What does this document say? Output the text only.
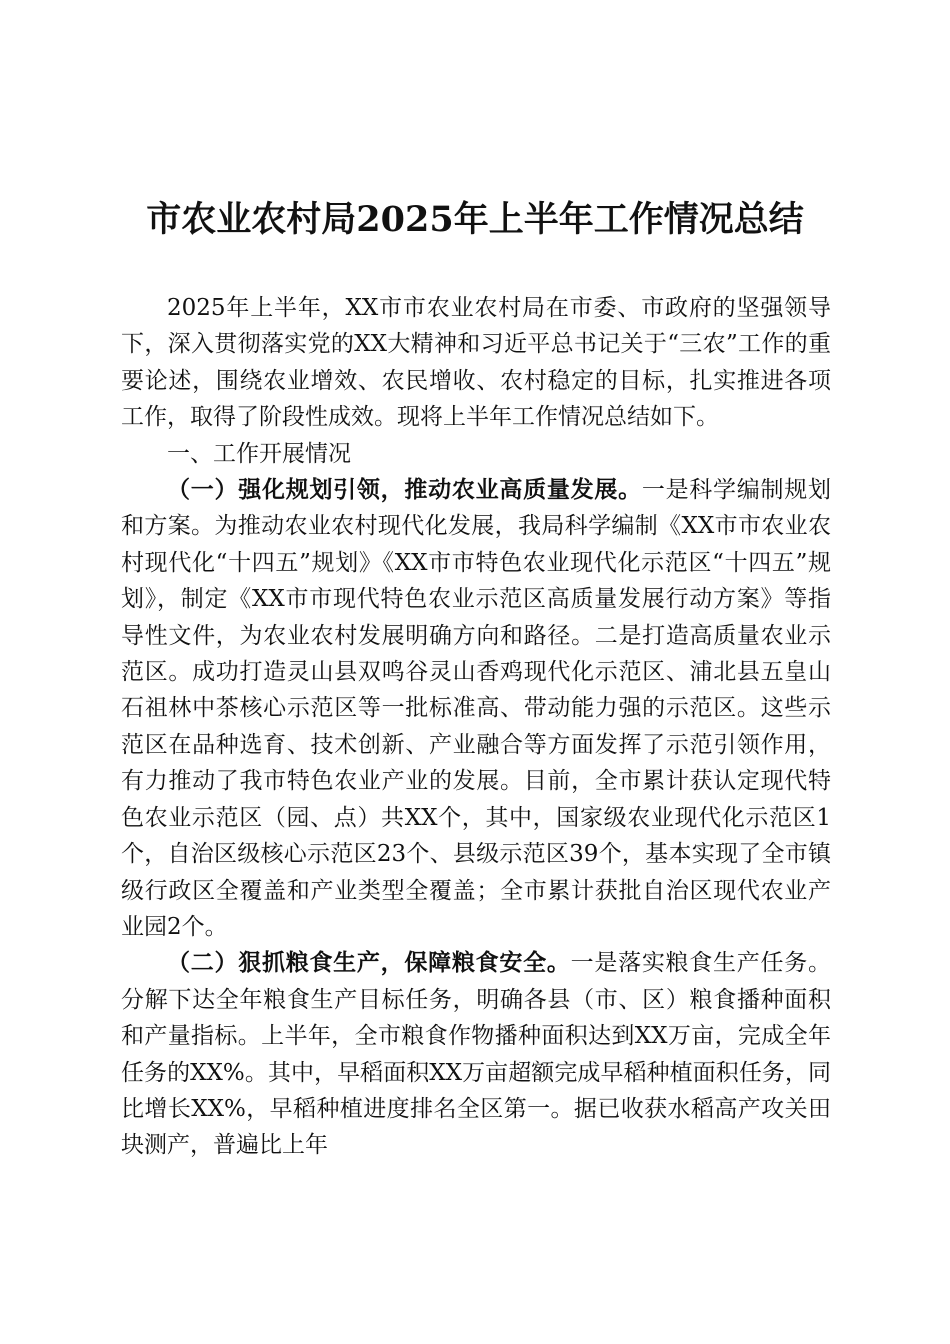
市农业农村局2025年上半年工作情况总结

2025年上半年，XX市市农业农村局在市委、市政府的坚强领导下，深入贯彻落实党的XX大精神和习近平总书记关于“三农”工作的重要论述，围绕农业增效、农民增收、农村稳定的目标，扎实推进各项工作，取得了阶段性成效。现将上半年工作情况总结如下。

一、工作开展情况

（一）强化规划引领，推动农业高质量发展。一是科学编制规划和方案。为推动农业农村现代化发展，我局科学编制《XX市市农业农村现代化“十四五”规划》《XX市市特色农业现代化示范区“十四五”规划》，制定《XX市市现代特色农业示范区高质量发展行动方案》等指导性文件，为农业农村发展明确方向和路径。二是打造高质量农业示范区。成功打造灵山县双鸣谷灵山香鸡现代化示范区、浦北县五皇山石祖林中茶核心示范区等一批标准高、带动能力强的示范区。这些示范区在品种选育、技术创新、产业融合等方面发挥了示范引领作用，有力推动了我市特色农业产业的发展。目前，全市累计获认定现代特色农业示范区（园、点）共XX个，其中，国家级农业现代化示范区1个，自治区级核心示范区23个、县级示范区39个，基本实现了全市镇级行政区全覆盖和产业类型全覆盖；全市累计获批自治区现代农业产业园2个。

（二）狠抓粮食生产，保障粮食安全。一是落实粮食生产任务。分解下达全年粮食生产目标任务，明确各县（市、区）粮食播种面积和产量指标。上半年，全市粮食作物播种面积达到XX万亩，完成全年任务的XX%。其中，早稻面积XX万亩超额完成早稻种植面积任务，同比增长XX%，早稻种植进度排名全区第一。据已收获水稻高产攻关田块测产，普遍比上年
